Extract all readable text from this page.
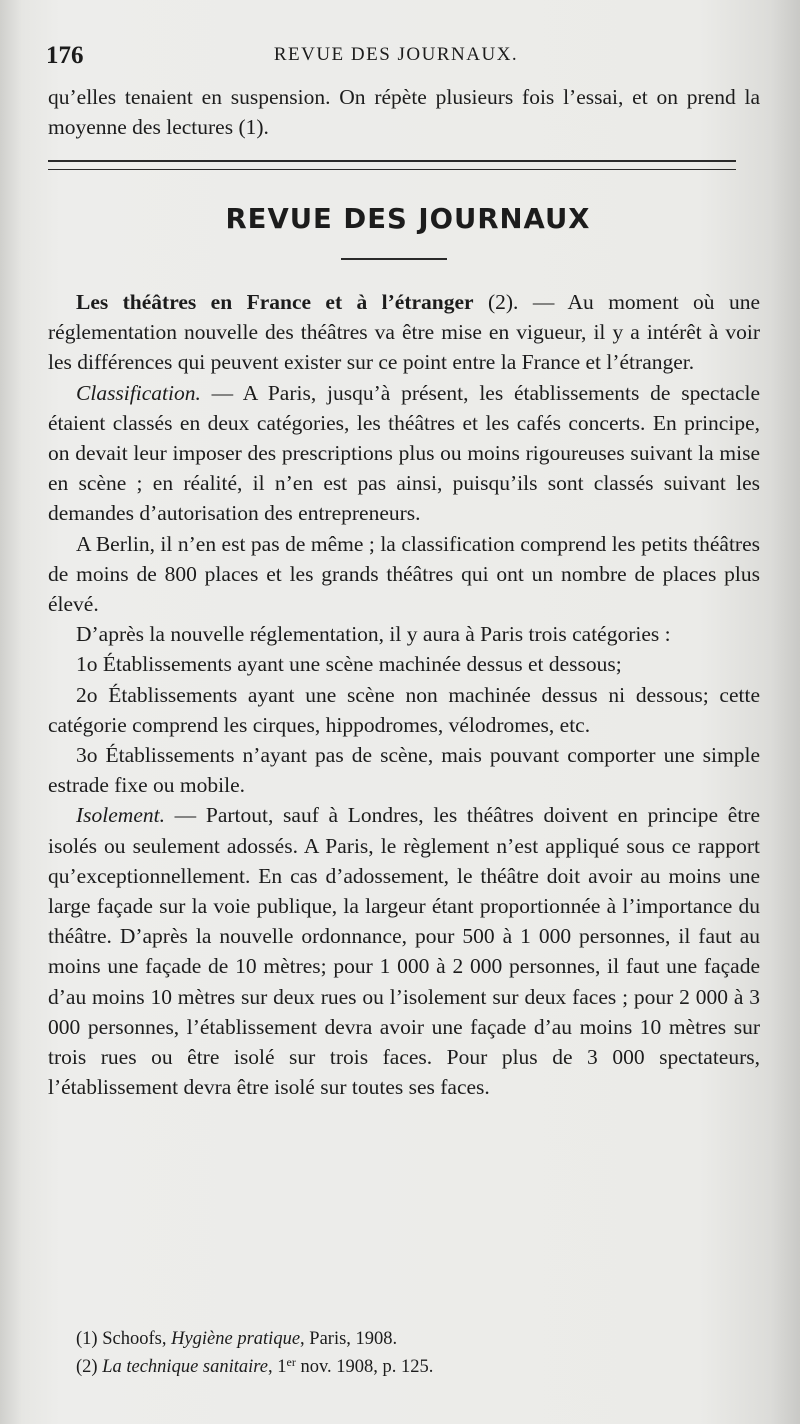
176	REVUE DES JOURNAUX.

qu’elles tenaient en suspension. On répète plusieurs fois l’essai, et on prend la moyenne des lectures (1).

REVUE DES JOURNAUX

Les théâtres en France et à l’étranger (2). — Au moment où une réglementation nouvelle des théâtres va être mise en vigueur, il y a intérêt à voir les différences qui peuvent exister sur ce point entre la France et l’étranger.

Classification. — A Paris, jusqu’à présent, les établissements de spectacle étaient classés en deux catégories, les théâtres et les cafés concerts. En principe, on devait leur imposer des prescriptions plus ou moins rigoureuses suivant la mise en scène ; en réalité, il n’en est pas ainsi, puisqu’ils sont classés suivant les demandes d’autorisation des entrepreneurs.

A Berlin, il n’en est pas de même ; la classification comprend les petits théâtres de moins de 800 places et les grands théâtres qui ont un nombre de places plus élevé.

D’après la nouvelle réglementation, il y aura à Paris trois catégories :

1o Établissements ayant une scène machinée dessus et dessous;

2o Établissements ayant une scène non machinée dessus ni dessous; cette catégorie comprend les cirques, hippodromes, vélodromes, etc.

3o Établissements n’ayant pas de scène, mais pouvant comporter une simple estrade fixe ou mobile.

Isolement. — Partout, sauf à Londres, les théâtres doivent en principe être isolés ou seulement adossés. A Paris, le règlement n’est appliqué sous ce rapport qu’exceptionnellement. En cas d’adossement, le théâtre doit avoir au moins une large façade sur la voie publique, la largeur étant proportionnée à l’importance du théâtre. D’après la nouvelle ordonnance, pour 500 à 1 000 personnes, il faut au moins une façade de 10 mètres; pour 1 000 à 2 000 personnes, il faut une façade d’au moins 10 mètres sur deux rues ou l’isolement sur deux faces ; pour 2 000 à 3 000 personnes, l’établissement devra avoir une façade d’au moins 10 mètres sur trois rues ou être isolé sur trois faces. Pour plus de 3 000 spectateurs, l’établissement devra être isolé sur toutes ses faces.

(1) Schoofs, Hygiène pratique, Paris, 1908.

(2) La technique sanitaire, 1er nov. 1908, p. 125.
